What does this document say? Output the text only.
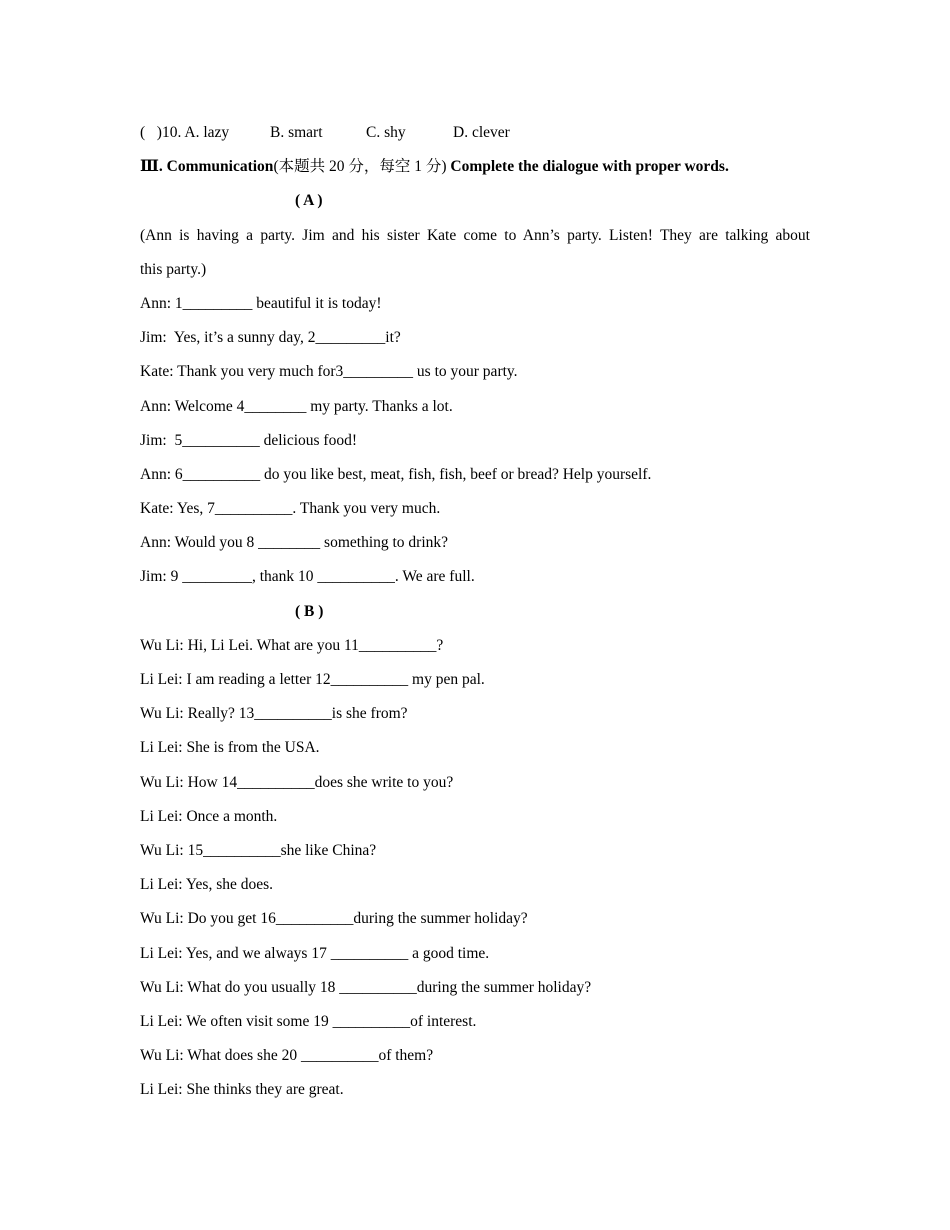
(   )10. A. lazy	B. smart	C. shy	D. clever
Ⅲ. Communication(本题共 20 分，每空 1 分) Complete the dialogue with proper words.
( A )
(Ann is having a party. Jim and his sister Kate come to Ann’s party. Listen! They are talking about
this party.)
Ann: 1_________ beautiful it is today!
Jim:  Yes, it’s a sunny day, 2_________it?
Kate: Thank you very much for3_________ us to your party.
Ann: Welcome 4________ my party. Thanks a lot.
Jim:  5__________ delicious food!
Ann: 6__________ do you like best, meat, fish, fish, beef or bread? Help yourself.
Kate: Yes, 7__________. Thank you very much.
Ann: Would you 8 ________ something to drink?
Jim: 9 _________, thank 10 __________. We are full.
( B )
Wu Li: Hi, Li Lei. What are you 11__________?
Li Lei: I am reading a letter 12__________ my pen pal.
Wu Li: Really? 13__________is she from?
Li Lei: She is from the USA.
Wu Li: How 14__________does she write to you?
Li Lei: Once a month.
Wu Li: 15__________she like China?
Li Lei: Yes, she does.
Wu Li: Do you get 16__________during the summer holiday?
Li Lei: Yes, and we always 17 __________ a good time.
Wu Li: What do you usually 18 __________during the summer holiday?
Li Lei: We often visit some 19 __________of interest.
Wu Li: What does she 20 __________of them?
Li Lei: She thinks they are great.
